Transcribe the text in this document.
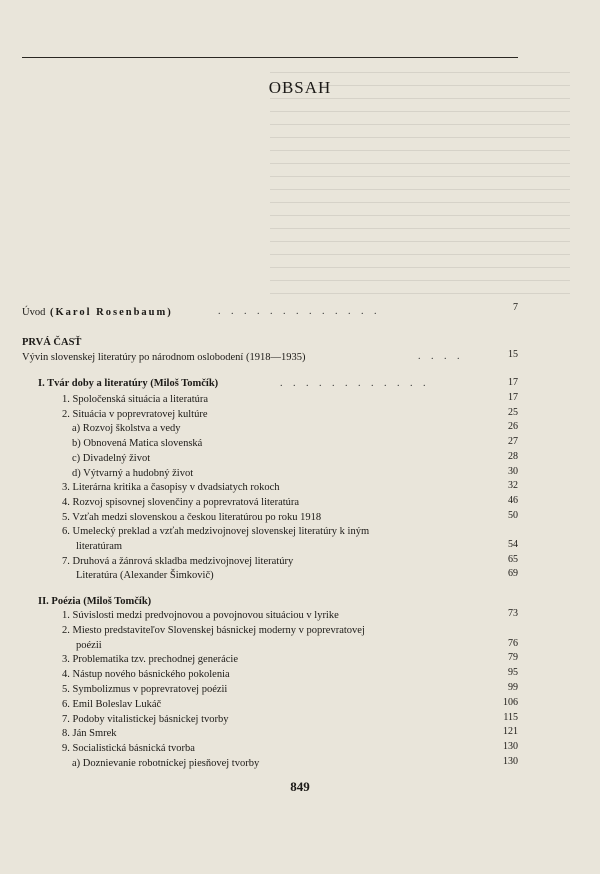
OBSAH
Úvod (Karol Rosenbaum)	. . . . . . . . . . . . .	7
PRVÁ ČASŤ
Vývin slovenskej literatúry po národnom oslobodení (1918—1935)	. . . .	15
I. Tvár doby a literatúry (Miloš Tomčík)	. . . . . . . . . . . .	17
1. Spoločenská situácia a literatúra	17
2. Situácia v poprevratovej kultúre	25
a) Rozvoj školstva a vedy	26
b) Obnovená Matica slovenská	27
c) Divadelný život	28
d) Výtvarný a hudobný život	30
3. Literárna kritika a časopisy v dvadsiatych rokoch	32
4. Rozvoj spisovnej slovenčiny a poprevratová literatúra	46
5. Vzťah medzi slovenskou a českou literatúrou po roku 1918	50
6. Umelecký preklad a vzťah medzivojnovej slovenskej literatúry k iným
literatúram	54
7. Druhová a žánrová skladba medzivojnovej literatúry	65
Literatúra (Alexander Šimkovič)	69
II. Poézia (Miloš Tomčík)
1. Súvislosti medzi predvojnovou a povojnovou situáciou v lyrike	73
2. Miesto predstaviteľov Slovenskej básnickej moderny v poprevratovej
poézii	76
3. Problematika tzv. prechodnej generácie	79
4. Nástup nového básnického pokolenia	95
5. Symbolizmus v poprevratovej poézii	99
6. Emil Boleslav Lukáč	106
7. Podoby vitalistickej básnickej tvorby	115
8. Ján Smrek	121
9. Socialistická básnická tvorba	130
a) Doznievanie robotníckej piesňovej tvorby	130
849
